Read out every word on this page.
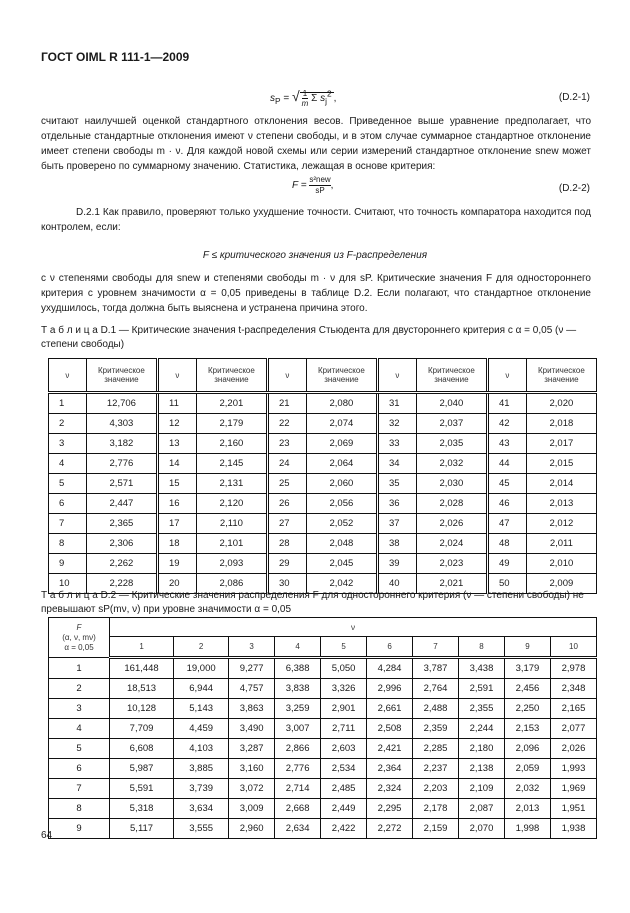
ГОСТ OIML R 111-1—2009
$s_P$ = √ $\frac{1}{m}$ Σ $s_j^2$ ,	(D.2-1)
считают наилучшей оценкой стандартного отклонения весов. Приведенное выше уравнение предполагает, что отдельные стандартные отклонения имеют ν степени свободы, и в этом случае суммарное стандартное отклонение имеет степени свободы m · ν. Для каждой новой схемы или серии измерений стандартное отклонение snew может быть проверено по суммарному значению. Статистика, лежащая в основе критерия:
$F = \frac{\text{s²new}}{sP}$,	(D.2-2)
D.2.1 Как правило, проверяют только ухудшение точности. Считают, что точность компаратора находится под контролем, если:
F ≤ критического значения из F-распределения
с ν степенями свободы для snew и степенями свободы m · ν для sP. Критические значения F для одностороннего критерия с уровнем значимости α = 0,05 приведены в таблице D.2. Если полагают, что стандартное отклонение ухудшилось, тогда должна быть выяснена и устранена причина этого.
Т а б л и ц а D.1 — Критические значения t-распределения Стьюдента для двустороннего критерия с α = 0,05 (ν — степени свободы)
ν	Критическое значение	ν	Критическое значение	ν	Критическое значение	ν	Критическое значение	ν	Критическое значение
1	12,706	11	2,201	21	2,080	31	2,040	41	2,020
2	4,303	12	2,179	22	2,074	32	2,037	42	2,018
3	3,182	13	2,160	23	2,069	33	2,035	43	2,017
4	2,776	14	2,145	24	2,064	34	2,032	44	2,015
5	2,571	15	2,131	25	2,060	35	2,030	45	2,014
6	2,447	16	2,120	26	2,056	36	2,028	46	2,013
7	2,365	17	2,110	27	2,052	37	2,026	47	2,012
8	2,306	18	2,101	28	2,048	38	2,024	48	2,011
9	2,262	19	2,093	29	2,045	39	2,023	49	2,010
10	2,228	20	2,086	30	2,042	40	2,021	50	2,009
Т а б л и ц а D.2 — Критические значения распределения F для одностороннего критерия (ν — степени свободы) не превышают sP(mν, ν) при уровне значимости α = 0,05
F
(α, ν, mν)
α = 0,05	ν									
	1	2	3	4	5	6	7	8	9	10
1	161,448	19,000	9,277	6,388	5,050	4,284	3,787	3,438	3,179	2,978
2	18,513	6,944	4,757	3,838	3,326	2,996	2,764	2,591	2,456	2,348
3	10,128	5,143	3,863	3,259	2,901	2,661	2,488	2,355	2,250	2,165
4	7,709	4,459	3,490	3,007	2,711	2,508	2,359	2,244	2,153	2,077
5	6,608	4,103	3,287	2,866	2,603	2,421	2,285	2,180	2,096	2,026
6	5,987	3,885	3,160	2,776	2,534	2,364	2,237	2,138	2,059	1,993
7	5,591	3,739	3,072	2,714	2,485	2,324	2,203	2,109	2,032	1,969
8	5,318	3,634	3,009	2,668	2,449	2,295	2,178	2,087	2,013	1,951
9	5,117	3,555	2,960	2,634	2,422	2,272	2,159	2,070	1,998	1,938
64
